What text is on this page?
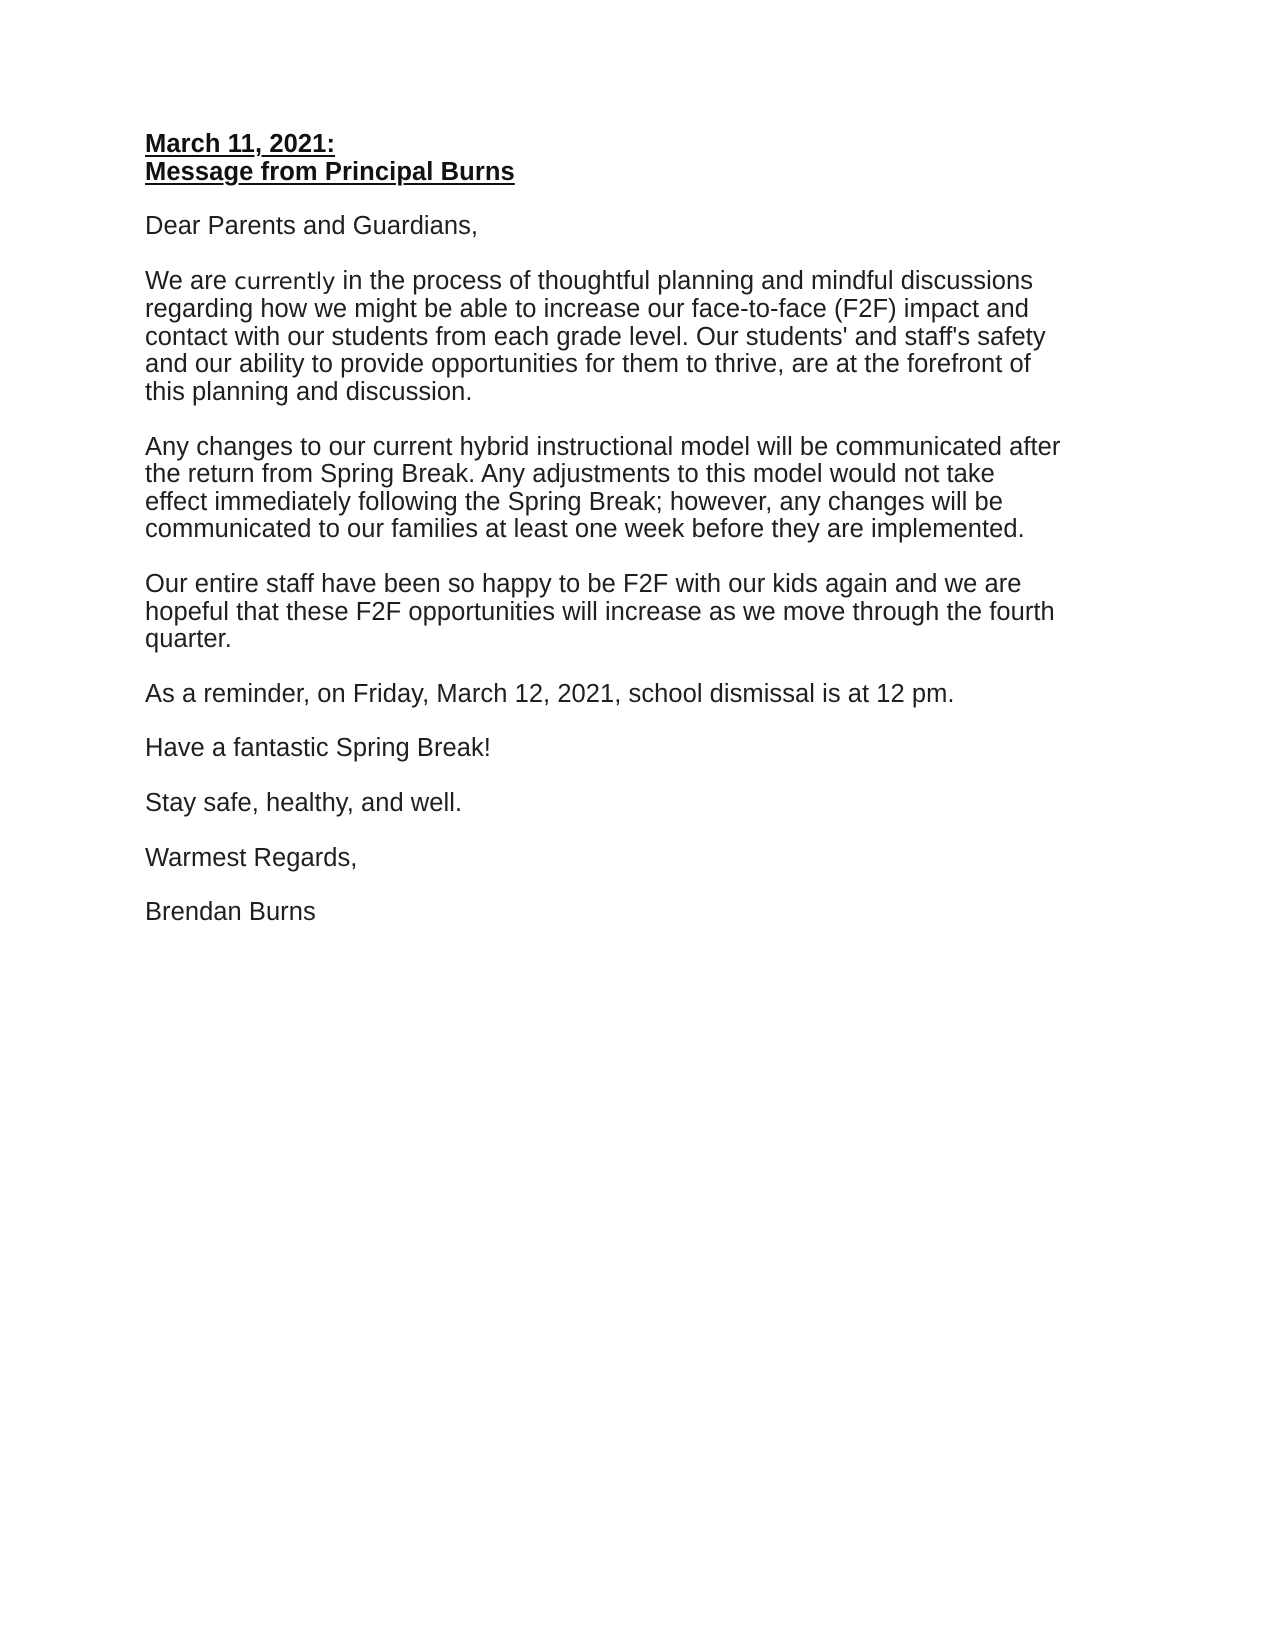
March 11, 2021:
Message from Principal Burns

Dear Parents and Guardians,

We are currently in the process of thoughtful planning and mindful discussions regarding how we might be able to increase our face-to-face (F2F) impact and contact with our students from each grade level. Our students' and staff's safety and our ability to provide opportunities for them to thrive, are at the forefront of this planning and discussion.

Any changes to our current hybrid instructional model will be communicated after the return from Spring Break. Any adjustments to this model would not take effect immediately following the Spring Break; however, any changes will be communicated to our families at least one week before they are implemented.

Our entire staff have been so happy to be F2F with our kids again and we are hopeful that these F2F opportunities will increase as we move through the fourth quarter.

As a reminder, on Friday, March 12, 2021, school dismissal is at 12 pm.

Have a fantastic Spring Break!

Stay safe, healthy, and well.

Warmest Regards,

Brendan Burns
